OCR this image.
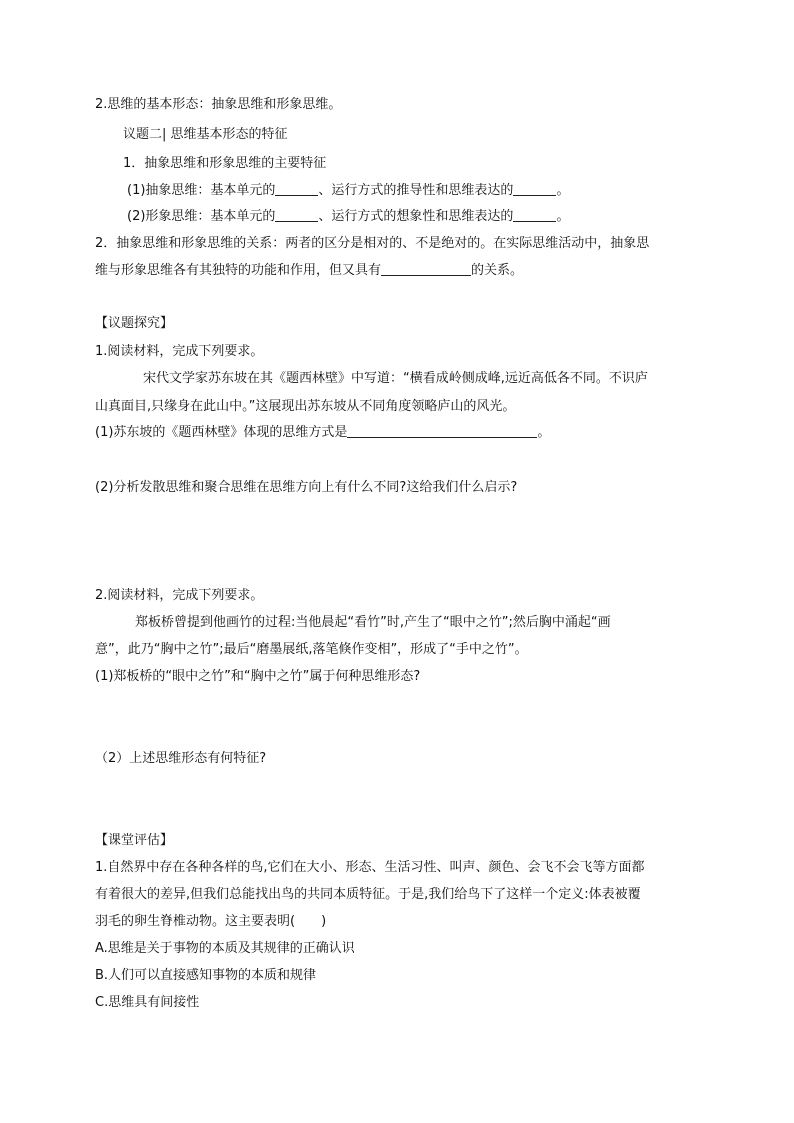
2.思维的基本形态：抽象思维和形象思维。
议题二| 思维基本形态的特征
1．抽象思维和形象思维的主要特征
(1)抽象思维：基本单元的	、运行方式的推导性和思维表达的	。
(2)形象思维：基本单元的	、运行方式的想象性和思维表达的	。
2．抽象思维和形象思维的关系：两者的区分是相对的、不是绝对的。在实际思维活动中，抽象思
维与形象思维各有其独特的功能和作用，但又具有	的关系。
【议题探究】
1.阅读材料，完成下列要求。
宋代文学家苏东坡在其《题西林壁》中写道：“横看成岭侧成峰,远近高低各不同。不识庐
山真面目,只缘身在此山中。”这展现出苏东坡从不同角度领略庐山的风光。
(1)苏东坡的《题西林壁》体现的思维方式是	。
(2)分析发散思维和聚合思维在思维方向上有什么不同?这给我们什么启示?
2.阅读材料，完成下列要求。
郑板桥曾提到他画竹的过程:当他晨起“看竹”时,产生了“眼中之竹”;然后胸中涌起“画
意”，此乃“胸中之竹”;最后“磨墨展纸,落笔倏作变相”，形成了“手中之竹”。
(1)郑板桥的“眼中之竹”和“胸中之竹”属于何种思维形态?
（2）上述思维形态有何特征?
【课堂评估】
1.自然界中存在各种各样的鸟,它们在大小、形态、生活习性、叫声、颜色、会飞不会飞等方面都
有着很大的差异,但我们总能找出鸟的共同本质特征。于是,我们给鸟下了这样一个定义:体表被覆
羽毛的卵生脊椎动物。这主要表明(　　)
A.思维是关于事物的本质及其规律的正确认识
B.人们可以直接感知事物的本质和规律
C.思维具有间接性
